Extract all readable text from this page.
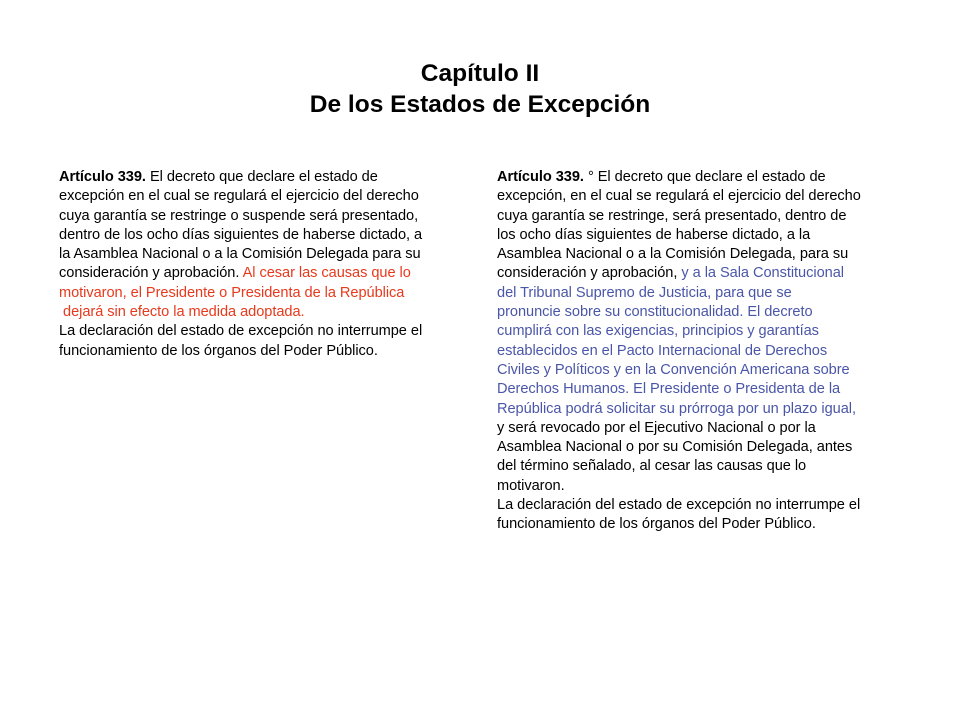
Capítulo II
De los Estados de Excepción
Artículo 339. El decreto que declare el estado de
excepción en el cual se regulará el ejercicio del derecho
cuya garantía se restringe o suspende será presentado,
dentro de los ocho días siguientes de haberse dictado, a
la Asamblea Nacional o a la Comisión Delegada para su
consideración y aprobación. Al cesar las causas que lo
motivaron, el Presidente o Presidenta de la República
dejará sin efecto la medida adoptada.
La declaración del estado de excepción no interrumpe el
funcionamiento de los órganos del Poder Público.
Artículo 339. ° El decreto que declare el estado de
excepción, en el cual se regulará el ejercicio del derecho
cuya garantía se restringe, será presentado, dentro de
los ocho días siguientes de haberse dictado, a la
Asamblea Nacional o a la Comisión Delegada, para su
consideración y aprobación, y a la Sala Constitucional
del Tribunal Supremo de Justicia, para que se
pronuncie sobre su constitucionalidad. El decreto
cumplirá con las exigencias, principios y garantías
establecidos en el Pacto Internacional de Derechos
Civiles y Políticos y en la Convención Americana sobre
Derechos Humanos. El Presidente o Presidenta de la
República podrá solicitar su prórroga por un plazo igual,
y será revocado por el Ejecutivo Nacional o por la
Asamblea Nacional o por su Comisión Delegada, antes
del término señalado, al cesar las causas que lo
motivaron.
La declaración del estado de excepción no interrumpe el
funcionamiento de los órganos del Poder Público.
